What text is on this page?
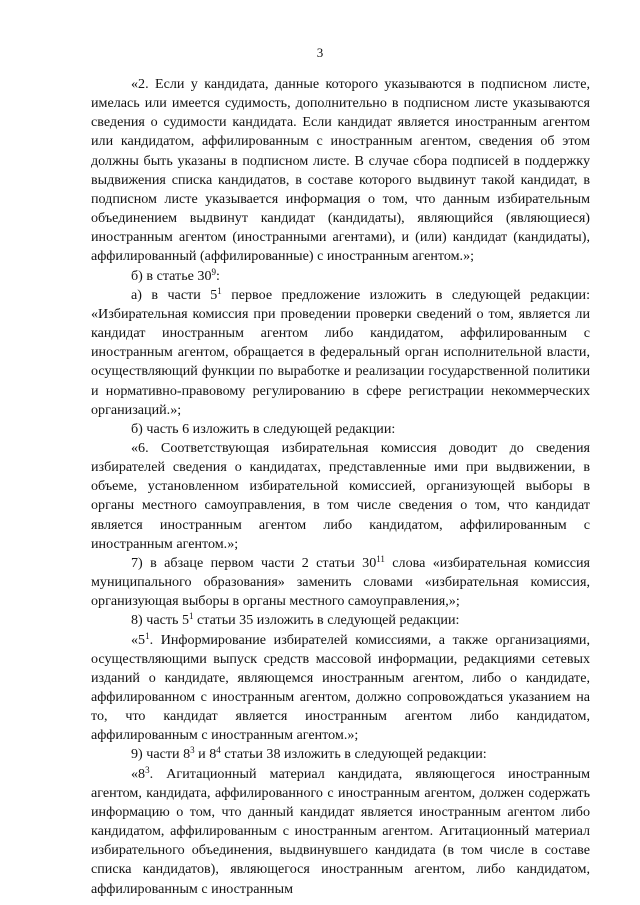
3

«2. Если у кандидата, данные которого указываются в подписном листе, имелась или имеется судимость, дополнительно в подписном листе указываются сведения о судимости кандидата. Если кандидат является иностранным агентом или кандидатом, аффилированным с иностранным агентом, сведения об этом должны быть указаны в подписном листе. В случае сбора подписей в поддержку выдвижения списка кандидатов, в составе которого выдвинут такой кандидат, в подписном листе указывается информация о том, что данным избирательным объединением выдвинут кандидат (кандидаты), являющийся (являющиеся) иностранным агентом (иностранными агентами), и (или) кандидат (кандидаты), аффилированный (аффилированные) с иностранным агентом.»;

б) в статье $30^9$:

а) в части $5^1$ первое предложение изложить в следующей редакции: «Избирательная комиссия при проведении проверки сведений о том, является ли кандидат иностранным агентом либо кандидатом, аффилированным с иностранным агентом, обращается в федеральный орган исполнительной власти, осуществляющий функции по выработке и реализации государственной политики и нормативно-правовому регулированию в сфере регистрации некоммерческих организаций.»;

б) часть 6 изложить в следующей редакции:

«6. Соответствующая избирательная комиссия доводит до сведения избирателей сведения о кандидатах, представленные ими при выдвижении, в объеме, установленном избирательной комиссией, организующей выборы в органы местного самоуправления, в том числе сведения о том, что кандидат является иностранным агентом либо кандидатом, аффилированным с иностранным агентом.»;

7) в абзаце первом части 2 статьи $30^{11}$ слова «избирательная комиссия муниципального образования» заменить словами «избирательная комиссия, организующая выборы в органы местного самоуправления,»;

8) часть $5^1$ статьи 35 изложить в следующей редакции:

«$5^1$. Информирование избирателей комиссиями, а также организациями, осуществляющими выпуск средств массовой информации, редакциями сетевых изданий о кандидате, являющемся иностранным агентом, либо о кандидате, аффилированном с иностранным агентом, должно сопровождаться указанием на то, что кандидат является иностранным агентом либо кандидатом, аффилированным с иностранным агентом.»;

9) части $8^3$ и $8^4$ статьи 38 изложить в следующей редакции:

«$8^3$. Агитационный материал кандидата, являющегося иностранным агентом, кандидата, аффилированного с иностранным агентом, должен содержать информацию о том, что данный кандидат является иностранным агентом либо кандидатом, аффилированным с иностранным агентом. Агитационный материал избирательного объединения, выдвинувшего кандидата (в том числе в составе списка кандидатов), являющегося иностранным агентом, либо кандидатом, аффилированным с иностранным
